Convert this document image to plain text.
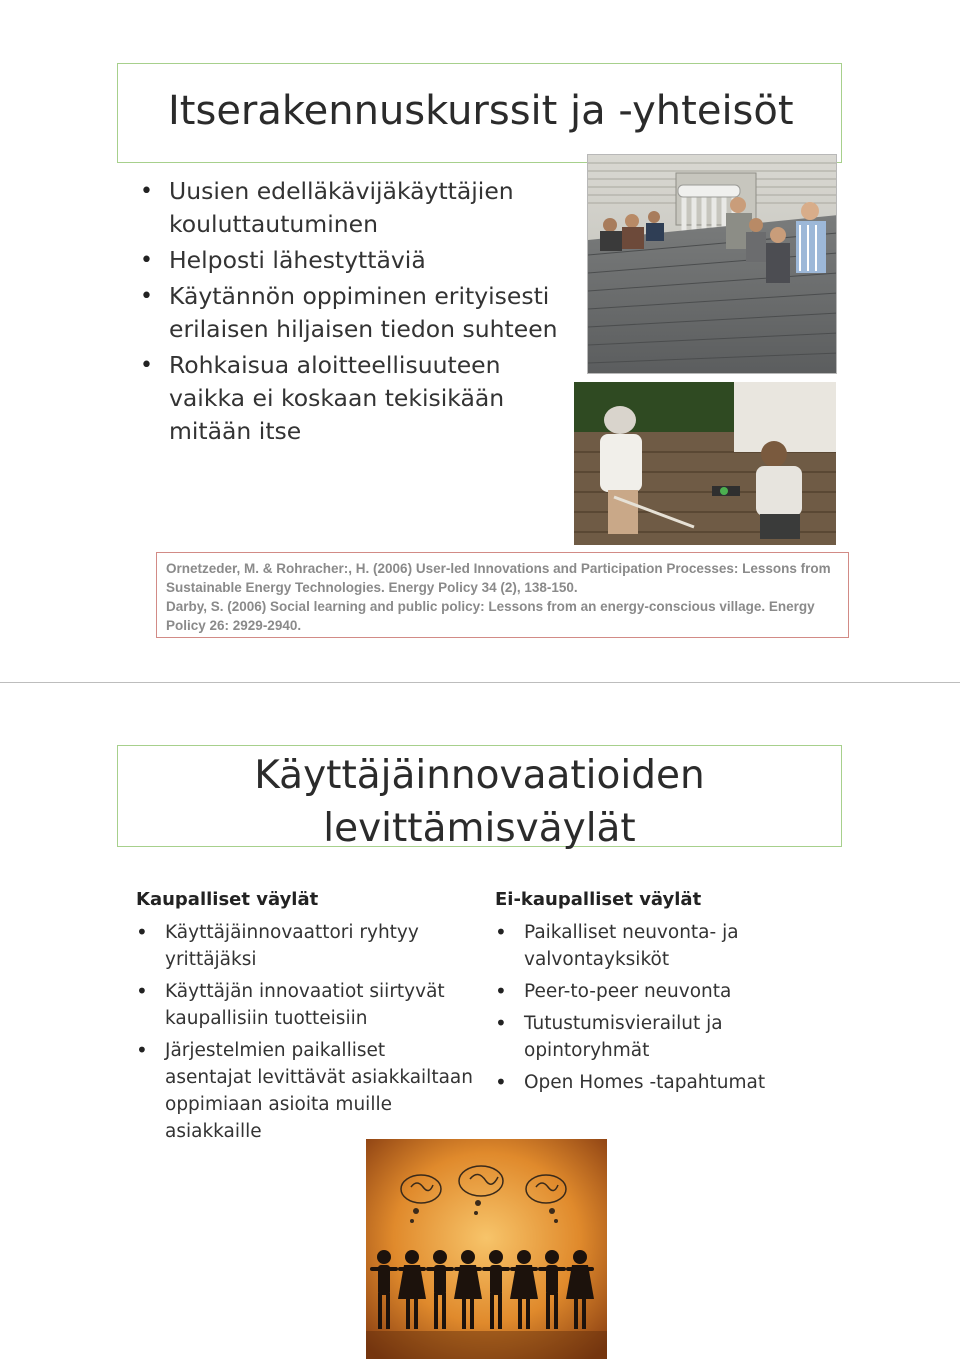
Itserakennuskurssit ja -yhteisöt
• Uusien edelläkävijäkäyttäjien kouluttautuminen
• Helposti lähestyttäviä
• Käytännön oppiminen erityisesti erilaisen hiljaisen tiedon suhteen
• Rohkaisua aloitteellisuuteen vaikka ei koskaan tekisikään mitään itse

Ornetzeder, M. & Rohracher:, H. (2006) User-led Innovations and Participation Processes: Lessons from Sustainable Energy Technologies. Energy Policy 34 (2), 138-150.

Darby, S. (2006) Social learning and public policy: Lessons from an energy-conscious village. Energy Policy 26: 2929-2940.

Käyttäjäinnovaatioiden
levittämisväylät
Kaupalliset väylät
• Käyttäjäinnovaattori ryhtyy yrittäjäksi
• Käyttäjän innovaatiot siirtyvät kaupallisiin tuotteisiin
• Järjestelmien paikalliset asentajat levittävät asiakkailtaan oppimiaan asioita muille asiakkaille
Ei-kaupalliset väylät
• Paikalliset neuvonta- ja valvontayksiköt
• Peer-to-peer neuvonta
• Tutustumisvierailut ja opintoryhmät
• Open Homes -tapahtumat
